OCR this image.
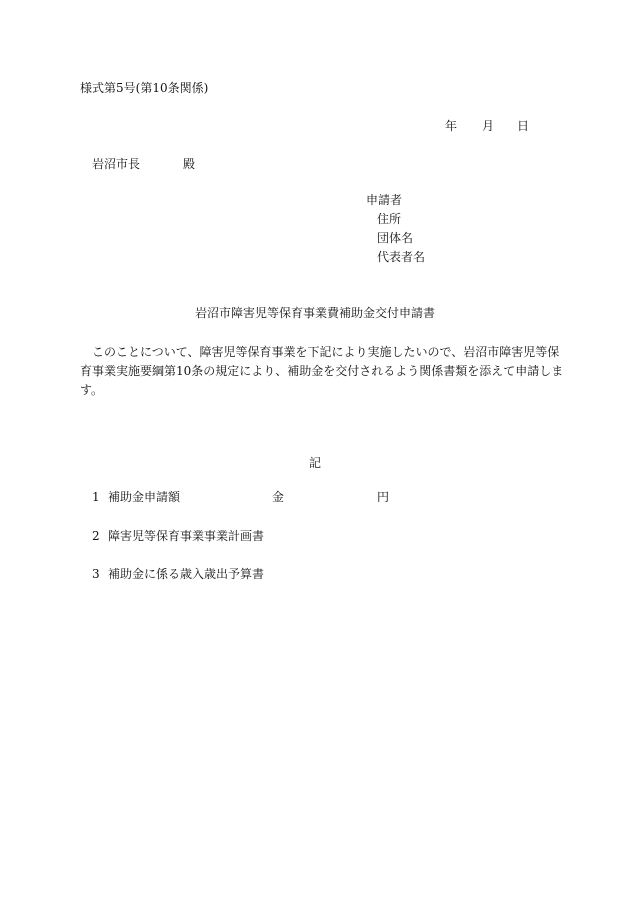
様式第5号(第10条関係)
年 月 日
岩沼市長	殿
申請者
住所
団体名
代表者名
岩沼市障害児等保育事業費補助金交付申請書
　このことについて、障害児等保育事業を下記により実施したいので、岩沼市障害児等保育事業実施要綱第10条の規定により、補助金を交付されるよう関係書類を添えて申請します。
記
1 補助金申請額	金	円
2 障害児等保育事業事業計画書
3 補助金に係る歳入歳出予算書
